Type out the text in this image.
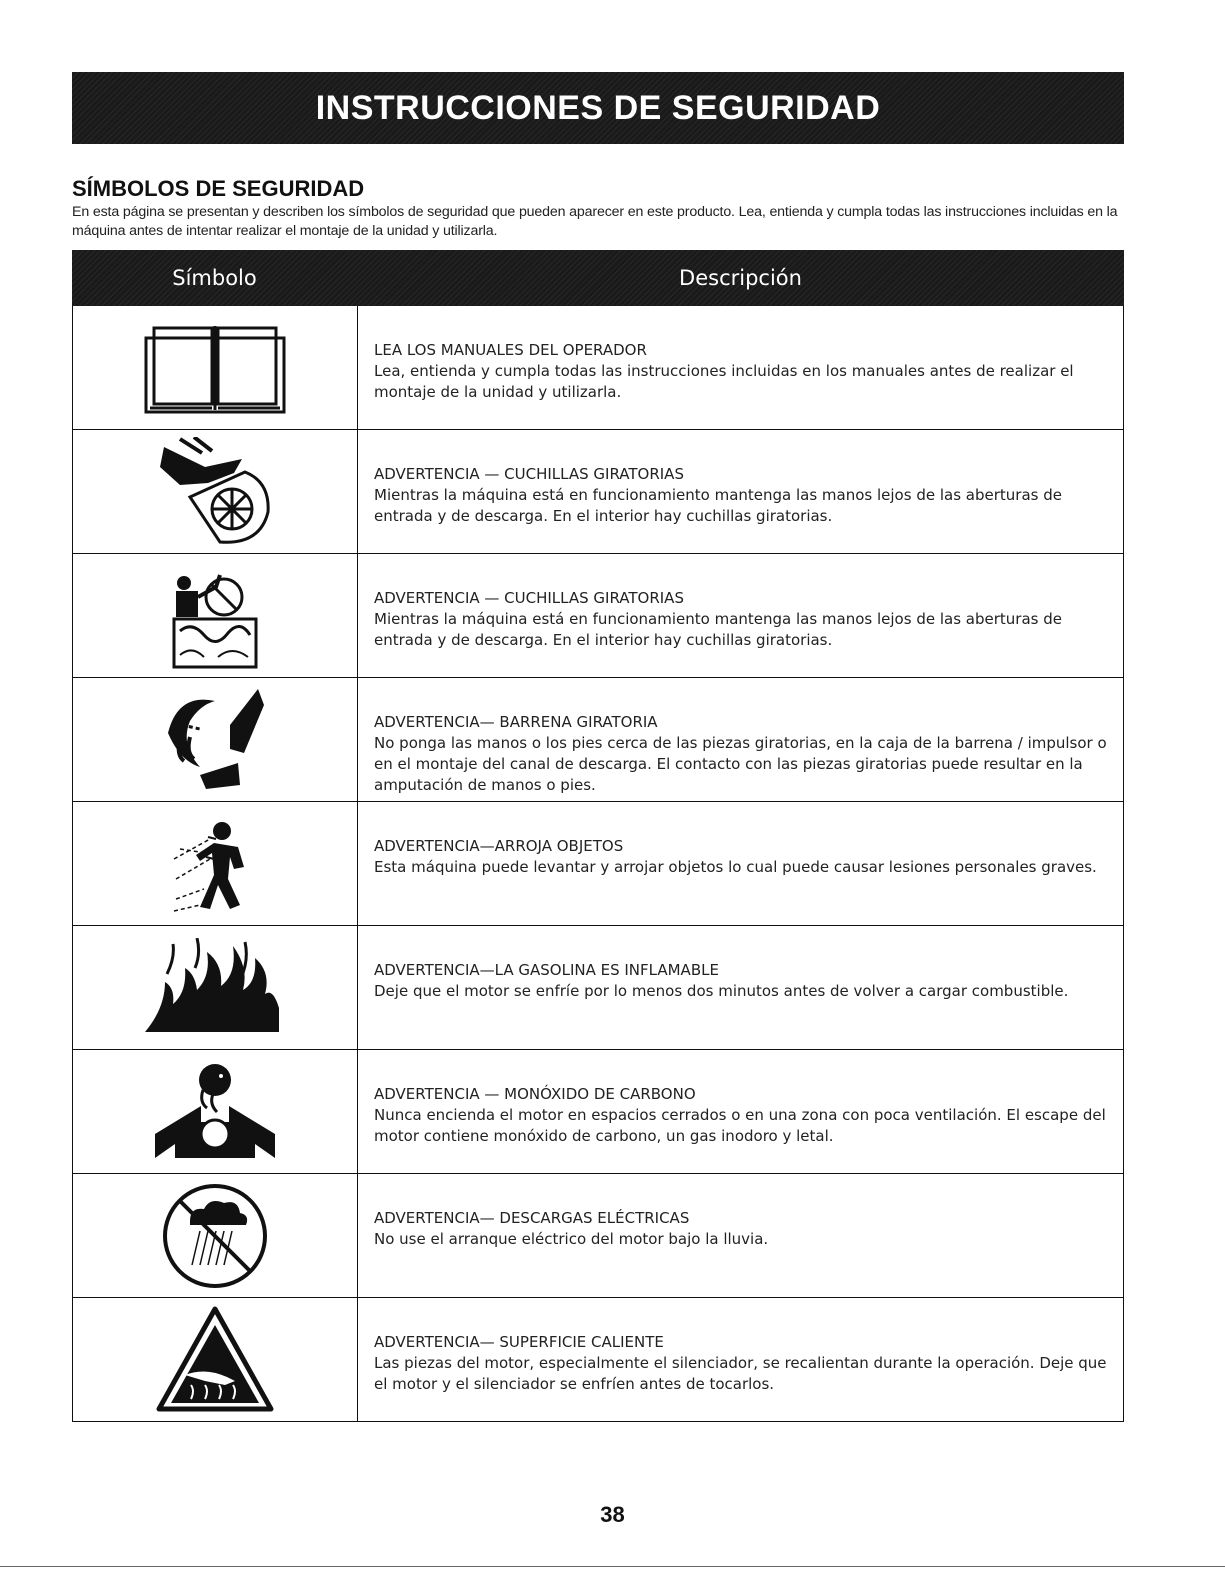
INSTRUCCIONES DE SEGURIDAD
SÍMBOLOS DE SEGURIDAD
En esta página se presentan y describen los símbolos de seguridad que pueden aparecer en este producto. Lea, entienda y cumpla todas las instrucciones incluidas en la máquina antes de intentar realizar el montaje de la unidad y utilizarla.
Símbolo	Descripción
LEA LOS MANUALES DEL OPERADOR
Lea, entienda y cumpla todas las instrucciones incluidas en los manuales antes de realizar el montaje de la unidad y utilizarla.
ADVERTENCIA — CUCHILLAS GIRATORIAS
Mientras la máquina está en funcionamiento mantenga las manos lejos de las aberturas de entrada y de descarga. En el interior hay cuchillas giratorias.
ADVERTENCIA — CUCHILLAS GIRATORIAS
Mientras la máquina está en funcionamiento mantenga las manos lejos de las aberturas de entrada y de descarga. En el interior hay cuchillas giratorias.
ADVERTENCIA— BARRENA GIRATORIA
No ponga las manos o los pies cerca de las piezas giratorias, en la caja de la barrena / impulsor o en el montaje del canal de descarga. El contacto con las piezas giratorias puede resultar en la amputación de manos o pies.
ADVERTENCIA—ARROJA OBJETOS
Esta máquina puede levantar y arrojar objetos lo cual puede causar lesiones personales graves.
ADVERTENCIA—LA GASOLINA ES INFLAMABLE
Deje que el motor se enfríe por lo menos dos minutos antes de volver a cargar combustible.
ADVERTENCIA — MONÓXIDO DE CARBONO
Nunca encienda el motor en espacios cerrados o en una zona con poca ventilación. El escape del motor contiene monóxido de carbono, un gas inodoro y letal.
ADVERTENCIA— DESCARGAS ELÉCTRICAS
No use el arranque eléctrico del motor bajo la lluvia.
ADVERTENCIA— SUPERFICIE CALIENTE
Las piezas del motor, especialmente el silenciador, se recalientan durante la operación. Deje que el motor y el silenciador se enfríen antes de tocarlos.
38
